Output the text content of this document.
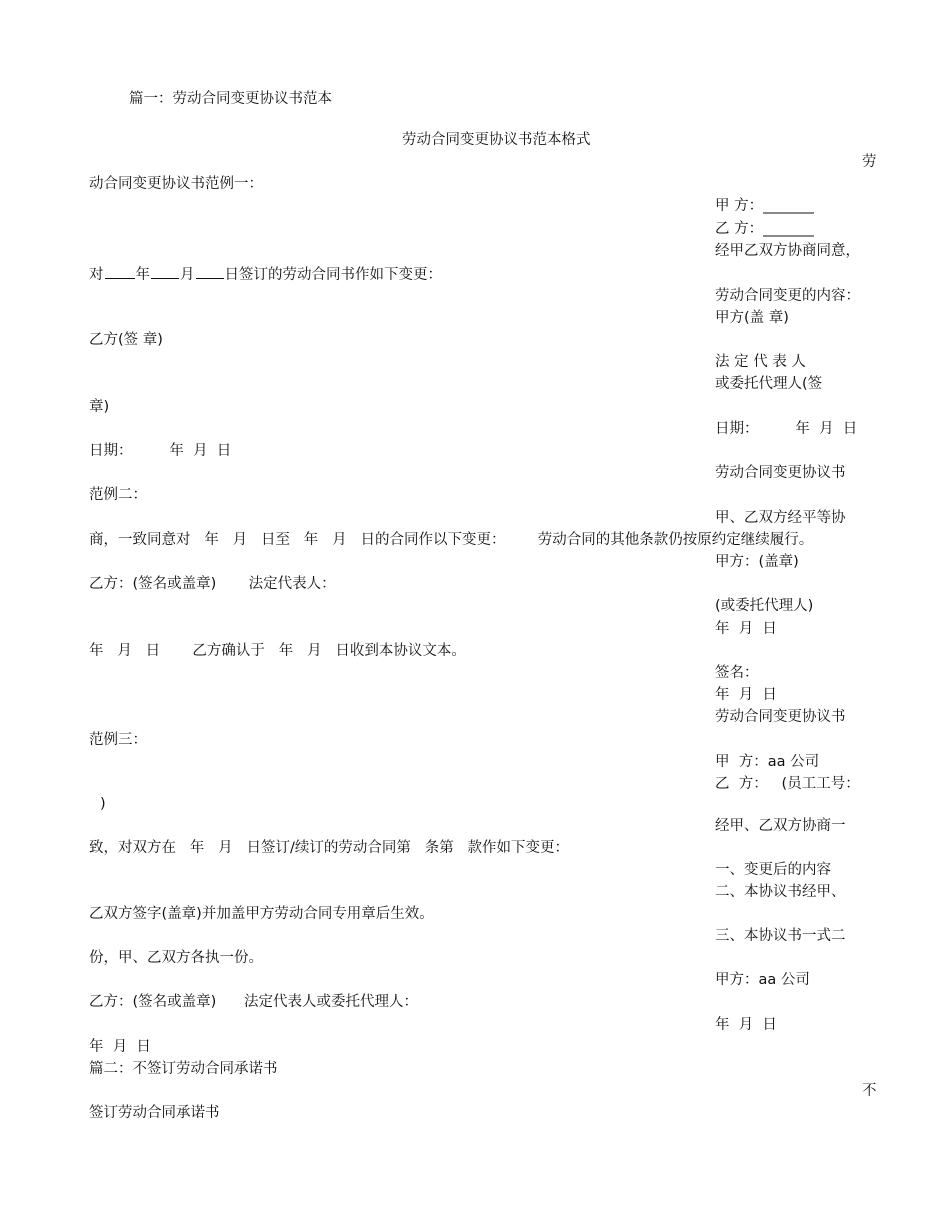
篇一：劳动合同变更协议书范本
劳动合同变更协议书范本格式
劳
动合同变更协议书范例一：
甲 方：_______
乙 方：_______
经甲乙双方协商同意，
对 年 月 日签订的劳动合同书作如下变更：
劳动合同变更的内容：
甲方(盖 章)
乙方(签 章)
法 定 代 表 人
或委托代理人(签
章)
日期：        年  月  日
日期：        年  月  日
劳动合同变更协议书
范例二：
甲、乙双方经平等协
商，一致同意对   年   月   日至   年   月   日的合同作以下变更：       劳动合同的其他条款仍按原约定继续履行。
甲方：(盖章)
乙方：(签名或盖章)       法定代表人：
(或委托代理人)
年  月  日
年   月   日       乙方确认于   年   月   日收到本协议文本。
签名：
年  月  日
劳动合同变更协议书
范例三：
甲  方：aa 公司
乙  方：   (员工工号：
)
经甲、乙双方协商一
致，对双方在   年   月   日签订/续订的劳动合同第   条第   款作如下变更：
一、变更后的内容
二、本协议书经甲、
乙双方签字(盖章)并加盖甲方劳动合同专用章后生效。
三、本协议书一式二
份，甲、乙双方各执一份。
甲方：aa 公司
乙方：(签名或盖章)      法定代表人或委托代理人：
年  月  日
年  月  日
篇二：不签订劳动合同承诺书
不
签订劳动合同承诺书
